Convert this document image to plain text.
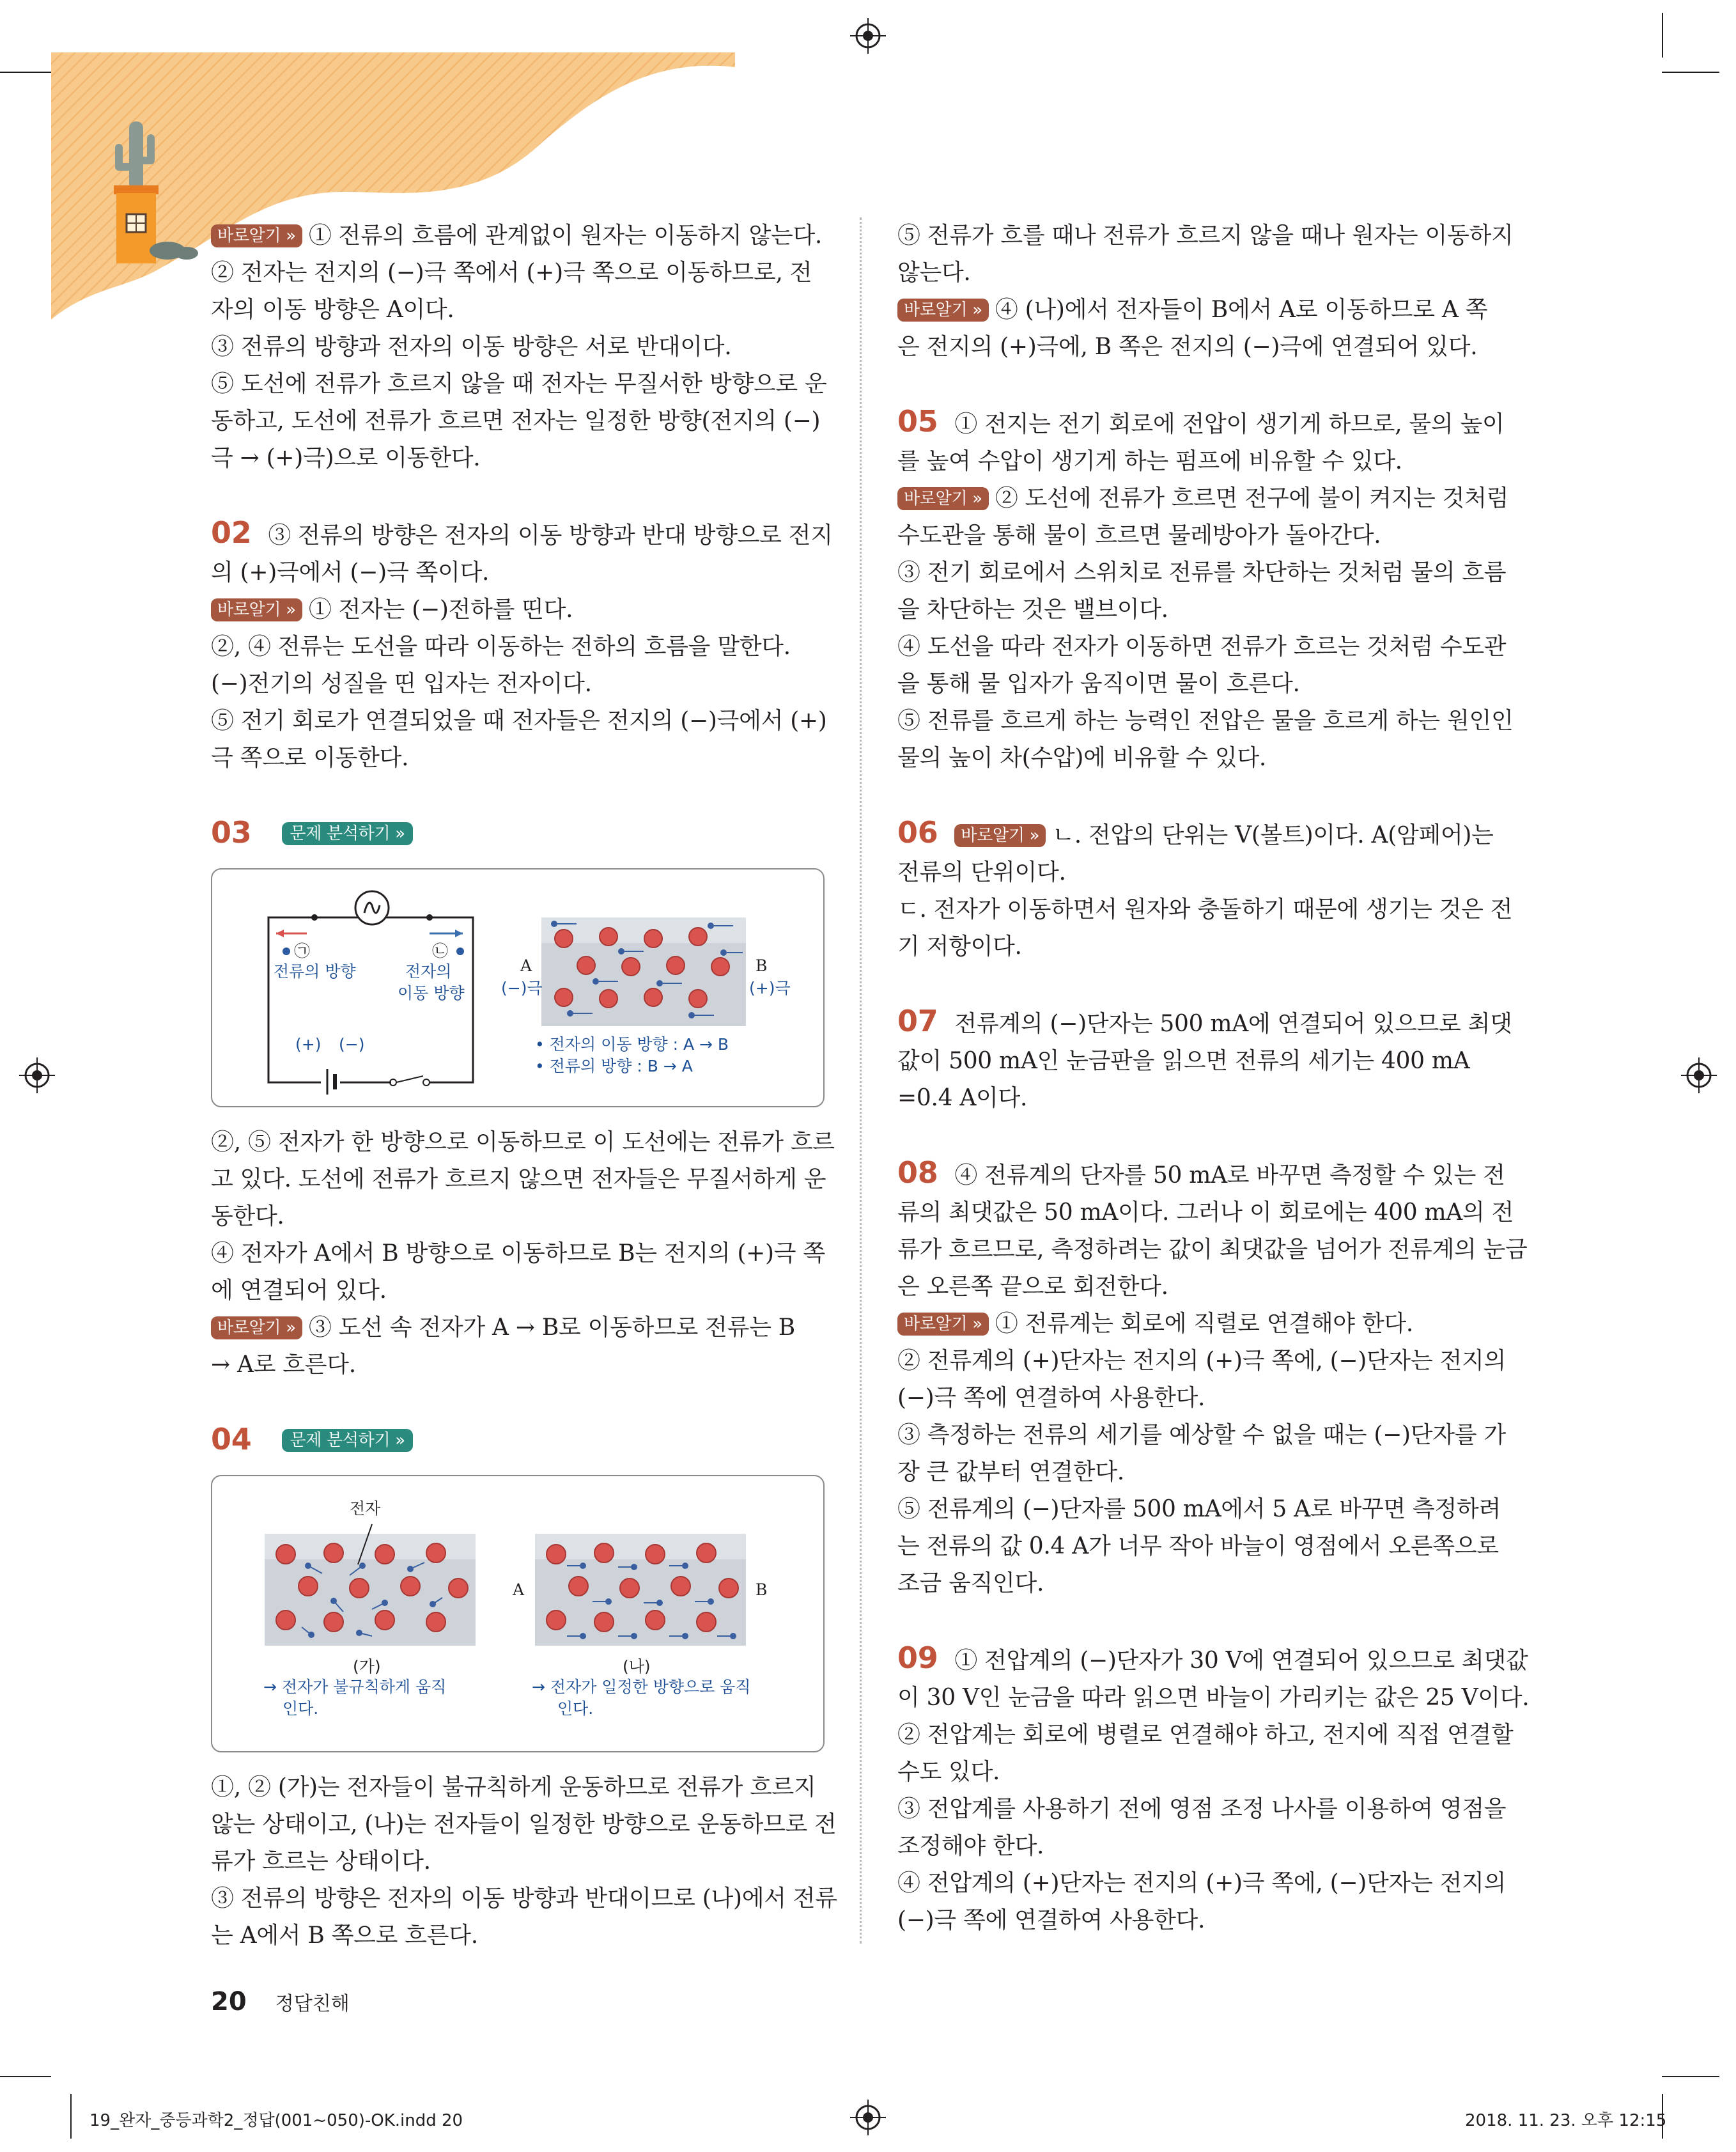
바로알기 » ① 전류의 흐름에 관계없이 원자는 이동하지 않는다.

② 전자는 전지의 (−)극 쪽에서 (+)극 쪽으로 이동하므로, 전

자의 이동 방향은 A이다.

③ 전류의 방향과 전자의 이동 방향은 서로 반대이다.

⑤ 도선에 전류가 흐르지 않을 때 전자는 무질서한 방향으로 운

동하고, 도선에 전류가 흐르면 전자는 일정한 방향(전지의 (−)

극 → (+)극)으로 이동한다.

02 ③ 전류의 방향은 전자의 이동 방향과 반대 방향으로 전지

의 (+)극에서 (−)극 쪽이다.

바로알기 » ① 전자는 (−)전하를 띤다.

②, ④ 전류는 도선을 따라 이동하는 전하의 흐름을 말한다.

(−)전기의 성질을 띤 입자는 전자이다.

⑤ 전기 회로가 연결되었을 때 전자들은 전지의 (−)극에서 (+)

극 쪽으로 이동한다.

03 문제 분석하기 »

㉠	㉡
전류의 방향	전자의
이동 방향
(+) (−)
A	B
(−)극	(+)극
• 전자의 이동 방향 : A → B
• 전류의 방향 : B → A

②, ⑤ 전자가 한 방향으로 이동하므로 이 도선에는 전류가 흐르

고 있다. 도선에 전류가 흐르지 않으면 전자들은 무질서하게 운

동한다.

④ 전자가 A에서 B 방향으로 이동하므로 B는 전지의 (+)극 쪽

에 연결되어 있다.

바로알기 » ③ 도선 속 전자가 A → B로 이동하므로 전류는 B

→ A로 흐른다.

04 문제 분석하기 »

전자
A	B
(가)	(나)
→ 전자가 불규칙하게 움직
인다.
→ 전자가 일정한 방향으로 움직
인다.

①, ② (가)는 전자들이 불규칙하게 운동하므로 전류가 흐르지

않는 상태이고, (나)는 전자들이 일정한 방향으로 운동하므로 전

류가 흐르는 상태이다.

③ 전류의 방향은 전자의 이동 방향과 반대이므로 (나)에서 전류

는 A에서 B 쪽으로 흐른다.

⑤ 전류가 흐를 때나 전류가 흐르지 않을 때나 원자는 이동하지

않는다.

바로알기 » ④ (나)에서 전자들이 B에서 A로 이동하므로 A 쪽

은 전지의 (+)극에, B 쪽은 전지의 (−)극에 연결되어 있다.

05 ① 전지는 전기 회로에 전압이 생기게 하므로, 물의 높이

를 높여 수압이 생기게 하는 펌프에 비유할 수 있다.

바로알기 » ② 도선에 전류가 흐르면 전구에 불이 켜지는 것처럼

수도관을 통해 물이 흐르면 물레방아가 돌아간다.

③ 전기 회로에서 스위치로 전류를 차단하는 것처럼 물의 흐름

을 차단하는 것은 밸브이다.

④ 도선을 따라 전자가 이동하면 전류가 흐르는 것처럼 수도관

을 통해 물 입자가 움직이면 물이 흐른다.

⑤ 전류를 흐르게 하는 능력인 전압은 물을 흐르게 하는 원인인

물의 높이 차(수압)에 비유할 수 있다.

06 바로알기 » ㄴ. 전압의 단위는 V(볼트)이다. A(암페어)는

전류의 단위이다.

ㄷ. 전자가 이동하면서 원자와 충돌하기 때문에 생기는 것은 전

기 저항이다.

07 전류계의 (−)단자는 500 mA에 연결되어 있으므로 최댓

값이 500 mA인 눈금판을 읽으면 전류의 세기는 400 mA

=0.4 A이다.

08 ④ 전류계의 단자를 50 mA로 바꾸면 측정할 수 있는 전

류의 최댓값은 50 mA이다. 그러나 이 회로에는 400 mA의 전

류가 흐르므로, 측정하려는 값이 최댓값을 넘어가 전류계의 눈금

은 오른쪽 끝으로 회전한다.

바로알기 » ① 전류계는 회로에 직렬로 연결해야 한다.

② 전류계의 (+)단자는 전지의 (+)극 쪽에, (−)단자는 전지의

(−)극 쪽에 연결하여 사용한다.

③ 측정하는 전류의 세기를 예상할 수 없을 때는 (−)단자를 가

장 큰 값부터 연결한다.

⑤ 전류계의 (−)단자를 500 mA에서 5 A로 바꾸면 측정하려

는 전류의 값 0.4 A가 너무 작아 바늘이 영점에서 오른쪽으로

조금 움직인다.

09 ① 전압계의 (−)단자가 30 V에 연결되어 있으므로 최댓값

이 30 V인 눈금을 따라 읽으면 바늘이 가리키는 값은 25 V이다.

② 전압계는 회로에 병렬로 연결해야 하고, 전지에 직접 연결할

수도 있다.

③ 전압계를 사용하기 전에 영점 조정 나사를 이용하여 영점을

조정해야 한다.

④ 전압계의 (+)단자는 전지의 (+)극 쪽에, (−)단자는 전지의

(−)극 쪽에 연결하여 사용한다.

20 정답친해
19_완자_중등과학2_정답(001~050)-OK.indd 20	2018. 11. 23. 오후 12:15
